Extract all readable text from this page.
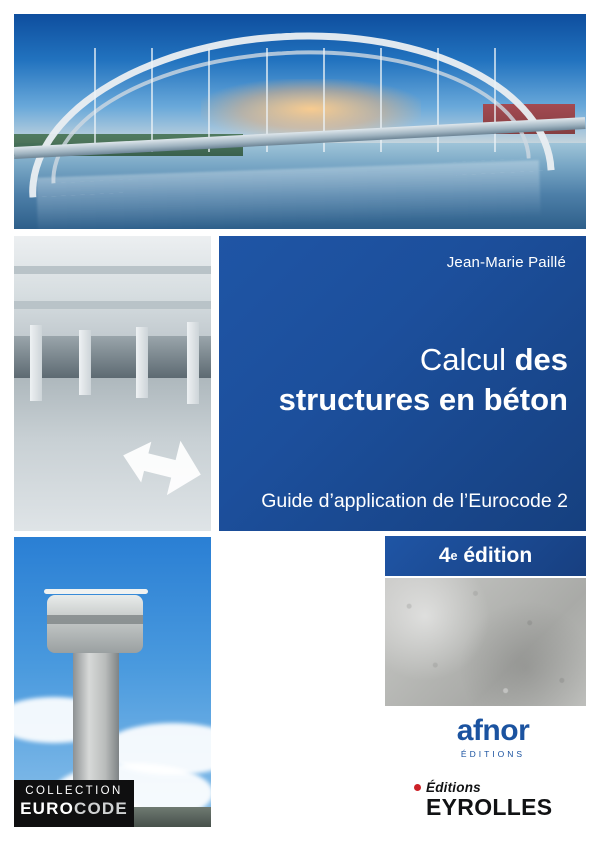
Jean-Marie Paillé
Calcul des
structures en béton
Guide d’application de l’Eurocode 2
4 e
édition
COLLECTION
EUROCODE
afnor
ÉDITIONS
Éditions
EYROLLES
